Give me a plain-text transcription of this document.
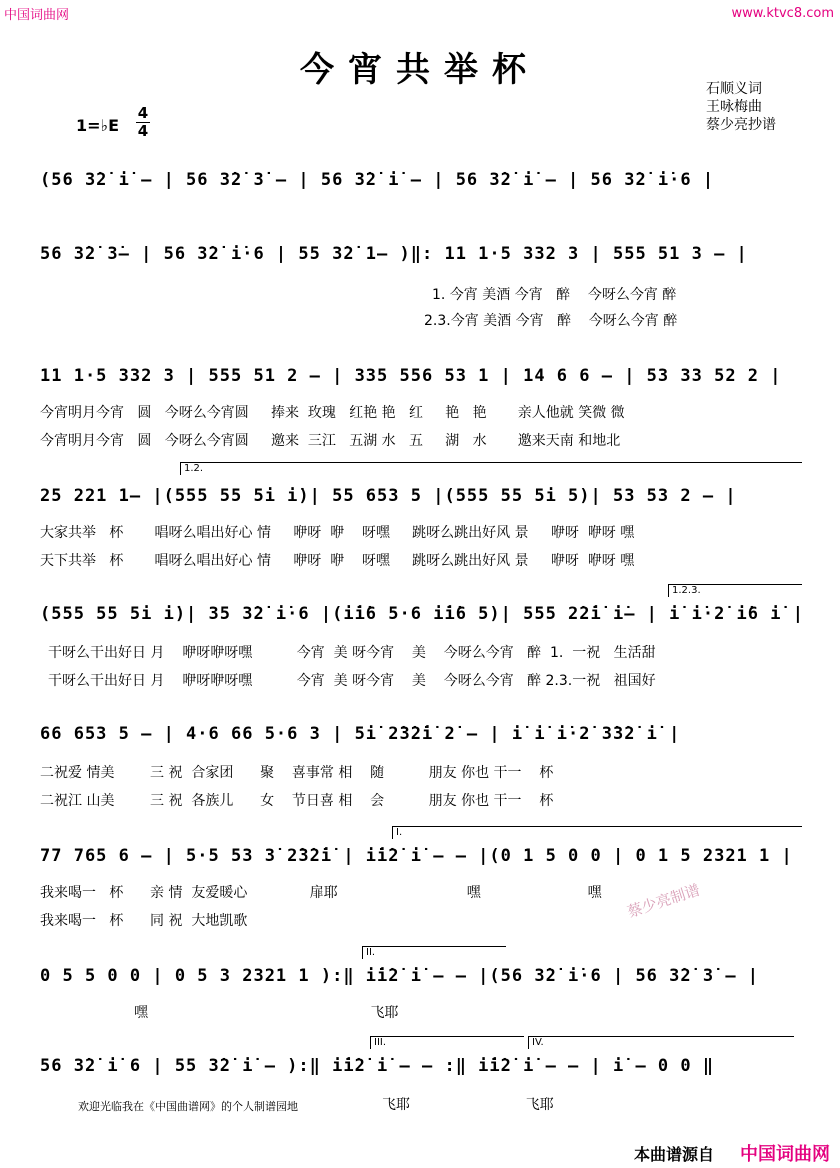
中国词曲网	www.ktvc8.com
今宵共举杯	石顺义词
王咏梅曲
蔡少亮抄谱
1=♭E
4
4
(56 3̇2̇ i̇ – | 56 3̇2̇ 3̇ – | 56 3̇2̇ i̇ – | 56 3̇2̇ i̇ – | 56 3̇2̇ i̇·6 |
56 3̇2̇ 3̇– | 56 3̇2̇ i̇·6 | 55 3̇2̇ 1– )‖: 11 1·5 332 3 | 555 51 3 – |
1. 今宵 美酒 今宵   醉    今呀么今宵 醉
2.3.今宵 美酒 今宵   醉    今呀么今宵 醉
11 1·5 332 3 | 555 51 2 – | 335 556 53 1 | 14 6 6 – | 53 33 52 2 |
今宵明月今宵   圆   今呀么今宵圆     捧来  玫瑰   红艳 艳   红     艳   艳       亲人他就 笑微 微
今宵明月今宵   圆   今呀么今宵圆     邀来  三江   五湖 水   五     湖   水       邀来天南 和地北
1.2.
25 221 1– |(555 55 5i i̇)| 55 653 5 |(555 55 5i 5)| 53 53 2 – |
大家共举   杯       唱呀么唱出好心 情     咿呀  咿    呀嘿     跳呀么跳出好风 景     咿呀  咿呀 嘿
天下共举   杯       唱呀么唱出好心 情     咿呀  咿    呀嘿     跳呀么跳出好风 景     咿呀  咿呀 嘿
1.2.3.
(555 55 5i i̇)| 35 3̇2̇ i̇·6 |(i̇i̇6 5·6 i̇i̇6 5)| 555 2̇2̇i̇ i̇– | i̇ i̇·2̇ i̇6 i̇ |
干呀么干出好日 月    咿呀咿呀嘿          今宵  美 呀今宵    美    今呀么今宵   醉  1.  一祝   生活甜
干呀么干出好日 月    咿呀咿呀嘿          今宵  美 呀今宵    美    今呀么今宵   醉 2.3.一祝   祖国好
66 653 5 – | 4·6 66 5·6 3 | 5i̇ 2̇3̇2̇i̇ 2̇ – | i̇ i̇ i̇·2̇ 3̇3̇2̇ i̇ |
二祝爱 情美        三 祝  合家团      聚    喜事常 相    随          朋友 你也 干一    杯
二祝江 山美        三 祝  各族儿      女    节日喜 相    会          朋友 你也 干一    杯
I.
77 765 6 – | 5·5 53 3̇ 2̇3̇2̇i̇ | i̇i̇2̇ i̇ – – |(0 1 5 0 0 | 0 1 5 2321 1 |
我来喝一   杯      亲 情  友爱暖心              扉耶                             嘿                        嘿
我来喝一   杯      同 祝  大地凯歌
II.
0 5 5 0 0 | 0 5 3 2321 1 ):‖ i̇i̇2̇ i̇ – – |(56 3̇2̇ i̇·6 | 56 3̇2̇ 3̇ – |
嘿                                                  飞耶
III.	IV.
56 3̇2̇ i̇ 6 | 55 3̇2̇ i̇ – ):‖ i̇i̇2̇ i̇ – – :‖ i̇i̇2̇ i̇ – – | i̇ – 0 0 ‖
飞耶                          飞耶
欢迎光临我在《中国曲谱网》的个人制谱园地
蔡少亮制谱
本曲谱源自 中国词曲网
